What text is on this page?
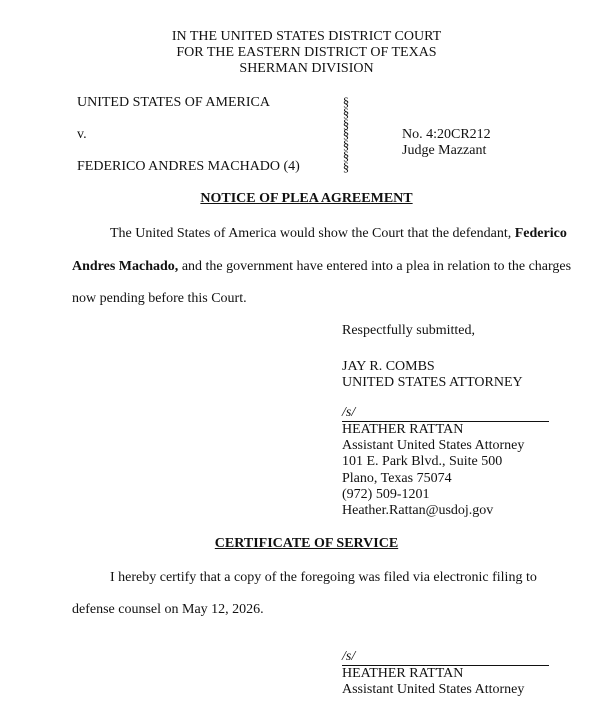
IN THE UNITED STATES DISTRICT COURT
FOR THE EASTERN DISTRICT OF TEXAS
SHERMAN DIVISION
UNITED STATES OF AMERICA
v.
FEDERICO ANDRES MACHADO (4)
§
§
§
§
§
§
§
No. 4:20CR212
Judge Mazzant
NOTICE OF PLEA AGREEMENT
The United States of America would show the Court that the defendant, Federico
Andres Machado, and the government have entered into a plea in relation to the charges
now pending before this Court.
Respectfully submitted,
JAY R. COMBS
UNITED STATES ATTORNEY
/s/
HEATHER RATTAN
Assistant United States Attorney
101 E. Park Blvd., Suite 500
Plano, Texas 75074
(972) 509-1201
Heather.Rattan@usdoj.gov
CERTIFICATE OF SERVICE
I hereby certify that a copy of the foregoing was filed via electronic filing to
defense counsel on May 12, 2026.
/s/
HEATHER RATTAN
Assistant United States Attorney
